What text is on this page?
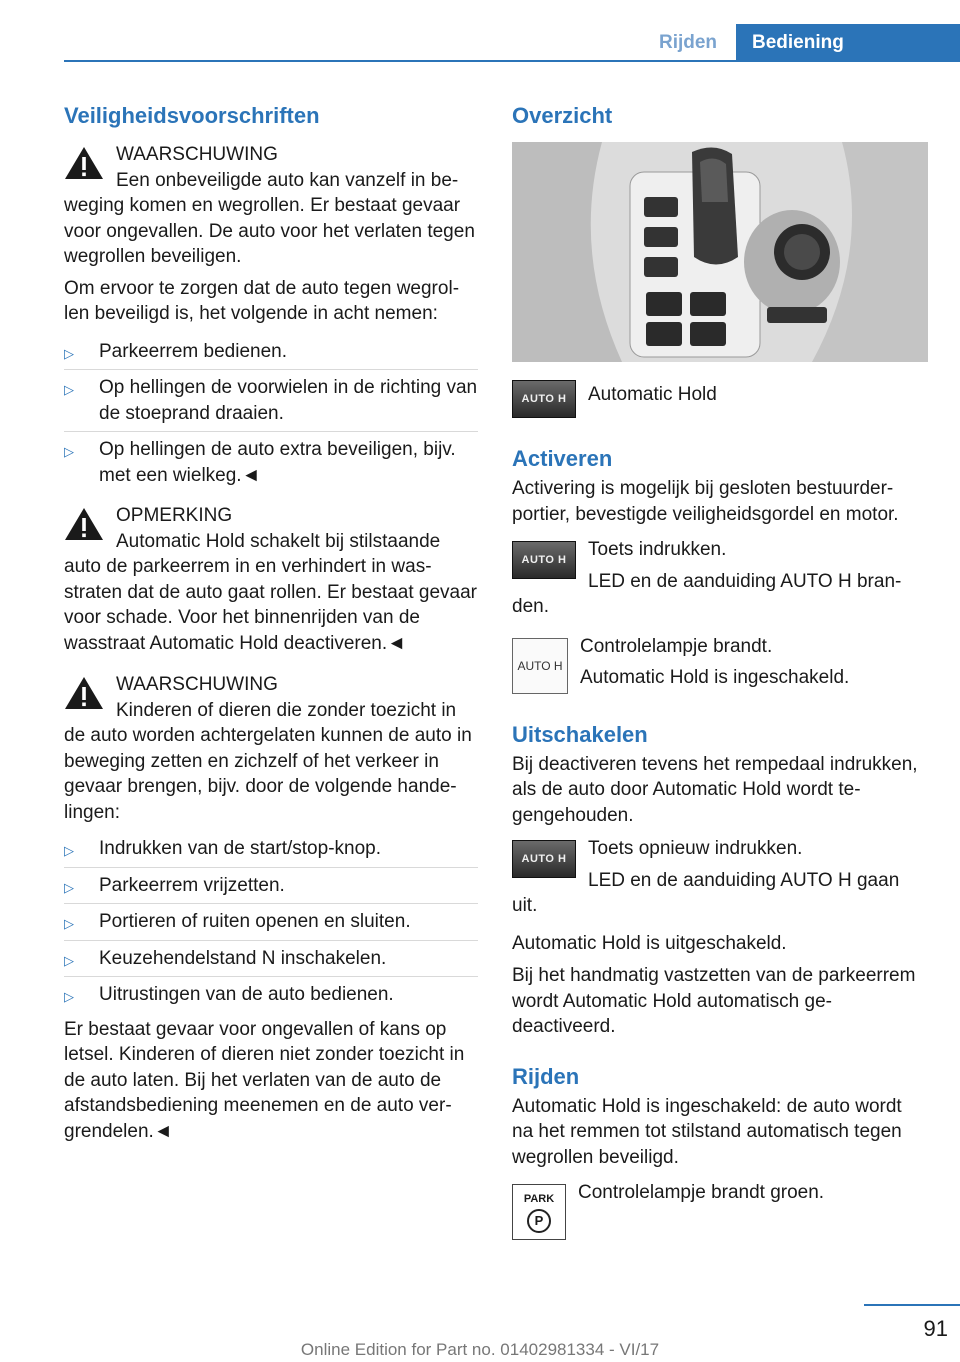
Rijden	Bediening
Veiligheidsvoorschriften
WAARSCHUWING
Een onbeveiligde auto kan vanzelf in beweging komen en wegrollen. Er bestaat gevaar voor ongevallen. De auto voor het verlaten tegen wegrollen beveiligen.

Om ervoor te zorgen dat de auto tegen wegrollen beveiligd is, het volgende in acht nemen:

▷ Parkeerrem bedienen.
▷ Op hellingen de voorwielen in de richting van de stoeprand draaien.
▷ Op hellingen de auto extra beveiligen, bijv. met een wielkeg.◄
OPMERKING
Automatic Hold schakelt bij stilstaande auto de parkeerrem in en verhindert in wasstraten dat de auto gaat rollen. Er bestaat gevaar voor schade. Voor het binnenrijden van de wasstraat Automatic Hold deactiveren.◄
WAARSCHUWING
Kinderen of dieren die zonder toezicht in de auto worden achtergelaten kunnen de auto in beweging zetten en zichzelf of het verkeer in gevaar brengen, bijv. door de volgende handelingen:
▷ Indrukken van de start/stop-knop.
▷ Parkeerrem vrijzetten.
▷ Portieren of ruiten openen en sluiten.
▷ Keuzehendelstand N inschakelen.
▷ Uitrustingen van de auto bedienen.

Er bestaat gevaar voor ongevallen of kans op letsel. Kinderen of dieren niet zonder toezicht in de auto laten. Bij het verlaten van de auto de afstandsbediening meenemen en de auto vergrendelen.◄

Overzicht
AUTO H	Automatic Hold
Activeren

Activering is mogelijk bij gesloten bestuurderportier, bevestigde veiligheidsgordel en motor.

AUTO H	Toets indrukken.
LED en de aanduiding AUTO H branden.
AUTO H
Controlelampje brandt.
Automatic Hold is ingeschakeld.
Uitschakelen

Bij deactiveren tevens het rempedaal indrukken, als de auto door Automatic Hold wordt tegengehouden.

AUTO H	Toets opnieuw indrukken.
LED en de aanduiding AUTO H gaan uit.

Automatic Hold is uitgeschakeld.

Bij het handmatig vastzetten van de parkeerrem wordt Automatic Hold automatisch gedeactiveerd.

Rijden

Automatic Hold is ingeschakeld: de auto wordt na het remmen tot stilstand automatisch tegen wegrollen beveiligd.

PARK
P
Controlelampje brandt groen.
91
Online Edition for Part no. 01402981334 - VI/17
